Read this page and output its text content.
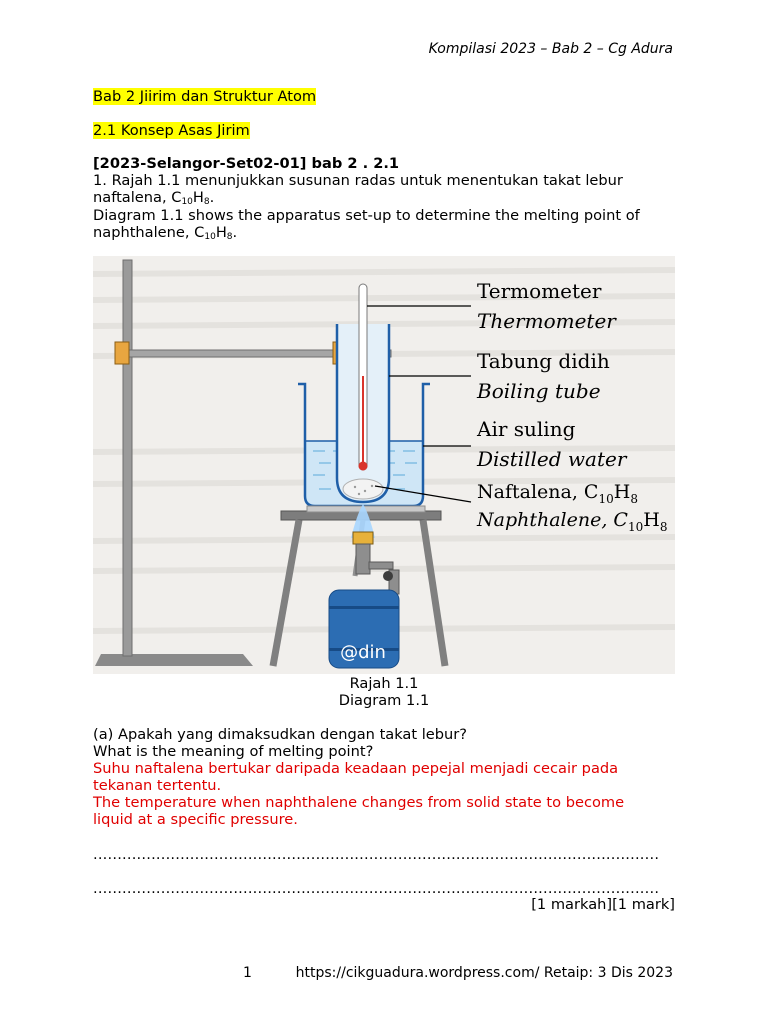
Kompilasi 2023 – Bab 2 – Cg Adura
Bab 2 Jiirim dan Struktur Atom
2.1 Konsep Asas Jirim
[2023-Selangor-Set02-01] bab 2 . 2.1
1. Rajah 1.1 menunjukkan susunan radas untuk menentukan takat lebur
naftalena, $C_{10}H_8$.
Diagram 1.1 shows the apparatus set-up to determine the melting point of
naphthalene, $C_{10}H_8$.
@din
Termometer
Thermometer
Tabung didih
Boiling tube
Air suling
Distilled water
Naftalena, $C_{10}H_8$
Naphthalene, $C_{10}H_8$
Rajah 1.1
Diagram 1.1
(a) Apakah yang dimaksudkan dengan takat lebur?
What is the meaning of melting point?
Suhu naftalena bertukar daripada keadaan pepejal menjadi cecair pada
tekanan tertentu.
The temperature when naphthalene changes from solid state to become
liquid at a specific pressure.
.....................................................................................................................
.....................................................................................................................
[1 markah][1 mark]
1	https://cikguadura.wordpress.com/ Retaip: 3 Dis 2023
